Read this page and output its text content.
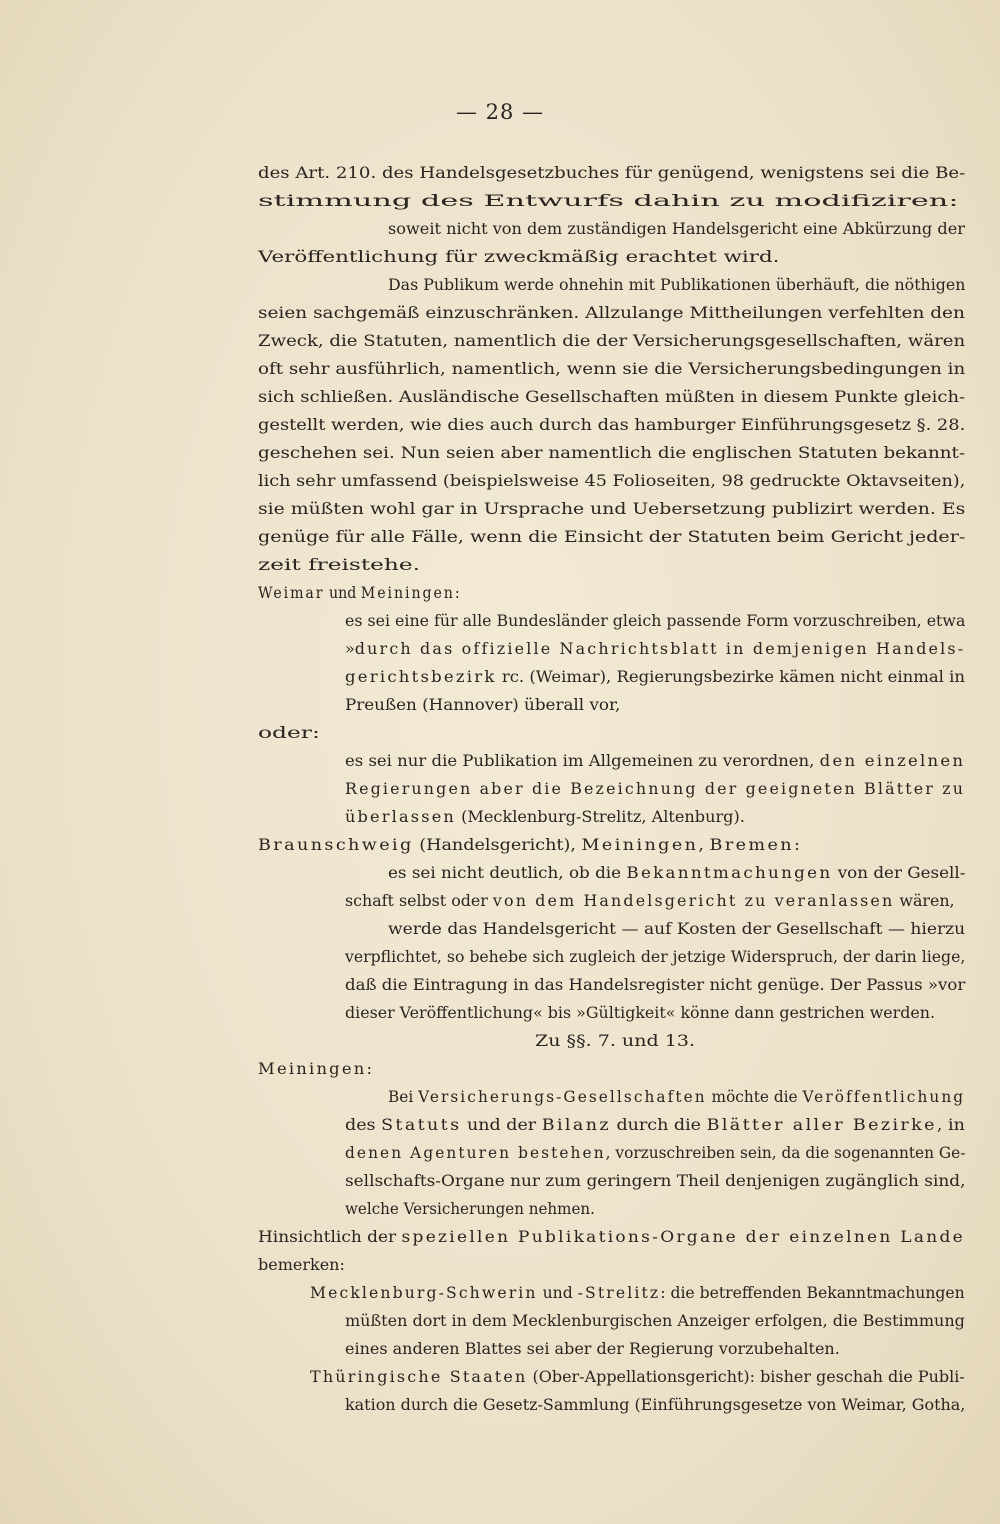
— 28 —
des Art. 210. des Handelsgesetzbuches für genügend, wenigstens sei die Be-
stimmung des Entwurfs dahin zu modifiziren:
soweit nicht von dem zuständigen Handelsgericht eine Abkürzung der
Veröffentlichung für zweckmäßig erachtet wird.
Das Publikum werde ohnehin mit Publikationen überhäuft, die nöthigen
seien sachgemäß einzuschränken. Allzulange Mittheilungen verfehlten den
Zweck, die Statuten, namentlich die der Versicherungsgesellschaften, wären
oft sehr ausführlich, namentlich, wenn sie die Versicherungsbedingungen in
sich schließen. Ausländische Gesellschaften müßten in diesem Punkte gleich-
gestellt werden, wie dies auch durch das hamburger Einführungsgesetz §. 28.
geschehen sei. Nun seien aber namentlich die englischen Statuten bekannt-
lich sehr umfassend (beispielsweise 45 Folioseiten, 98 gedruckte Oktavseiten),
sie müßten wohl gar in Ursprache und Uebersetzung publizirt werden. Es
genüge für alle Fälle, wenn die Einsicht der Statuten beim Gericht jeder-
zeit freistehe.
Weimar und Meiningen:
es sei eine für alle Bundesländer gleich passende Form vorzuschreiben, etwa
»durch das offizielle Nachrichtsblatt in demjenigen Handels-
gerichtsbezirk rc. (Weimar), Regierungsbezirke kämen nicht einmal in
Preußen (Hannover) überall vor,
oder:
es sei nur die Publikation im Allgemeinen zu verordnen, den einzelnen
Regierungen aber die Bezeichnung der geeigneten Blätter zu
überlassen (Mecklenburg-Strelitz, Altenburg).
Braunschweig (Handelsgericht), Meiningen, Bremen:
es sei nicht deutlich, ob die Bekanntmachungen von der Gesell-
schaft selbst oder von dem Handelsgericht zu veranlassen wären,
werde das Handelsgericht — auf Kosten der Gesellschaft — hierzu
verpflichtet, so behebe sich zugleich der jetzige Widerspruch, der darin liege,
daß die Eintragung in das Handelsregister nicht genüge. Der Passus »vor
dieser Veröffentlichung« bis »Gültigkeit« könne dann gestrichen werden.
Zu §§. 7. und 13.
Meiningen:
Bei Versicherungs-Gesellschaften möchte die Veröffentlichung
des Statuts und der Bilanz durch die Blätter aller Bezirke, in
denen Agenturen bestehen, vorzuschreiben sein, da die sogenannten Ge-
sellschafts-Organe nur zum geringern Theil denjenigen zugänglich sind,
welche Versicherungen nehmen.
Hinsichtlich der speziellen Publikations-Organe der einzelnen Lande
bemerken:
Mecklenburg-Schwerin und -Strelitz: die betreffenden Bekanntmachungen
müßten dort in dem Mecklenburgischen Anzeiger erfolgen, die Bestimmung
eines anderen Blattes sei aber der Regierung vorzubehalten.
Thüringische Staaten (Ober-Appellationsgericht): bisher geschah die Publi-
kation durch die Gesetz-Sammlung (Einführungsgesetze von Weimar, Gotha,
